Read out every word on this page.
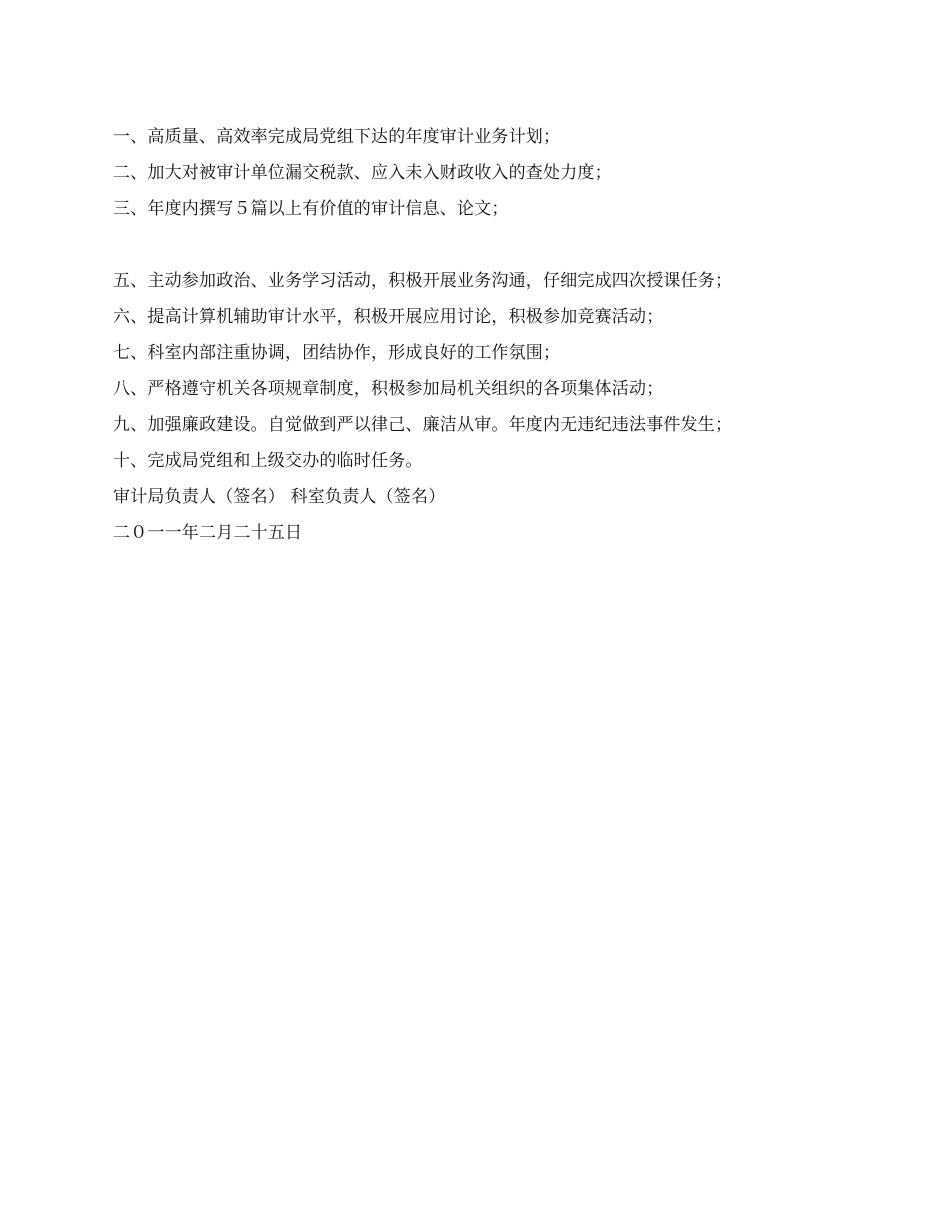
一、高质量、高效率完成局党组下达的年度审计业务计划；
二、加大对被审计单位漏交税款、应入未入财政收入的查处力度；
三、年度内撰写５篇以上有价值的审计信息、论文；
五、主动参加政治、业务学习活动，积极开展业务沟通，仔细完成四次授课任务；
六、提高计算机辅助审计水平，积极开展应用讨论，积极参加竞赛活动；
七、科室内部注重协调，团结协作，形成良好的工作氛围；
八、严格遵守机关各项规章制度，积极参加局机关组织的各项集体活动；
九、加强廉政建设。自觉做到严以律己、廉洁从审。年度内无违纪违法事件发生；
十、完成局党组和上级交办的临时任务。
审计局负责人（签名） 科室负责人（签名）
二０一一年二月二十五日
